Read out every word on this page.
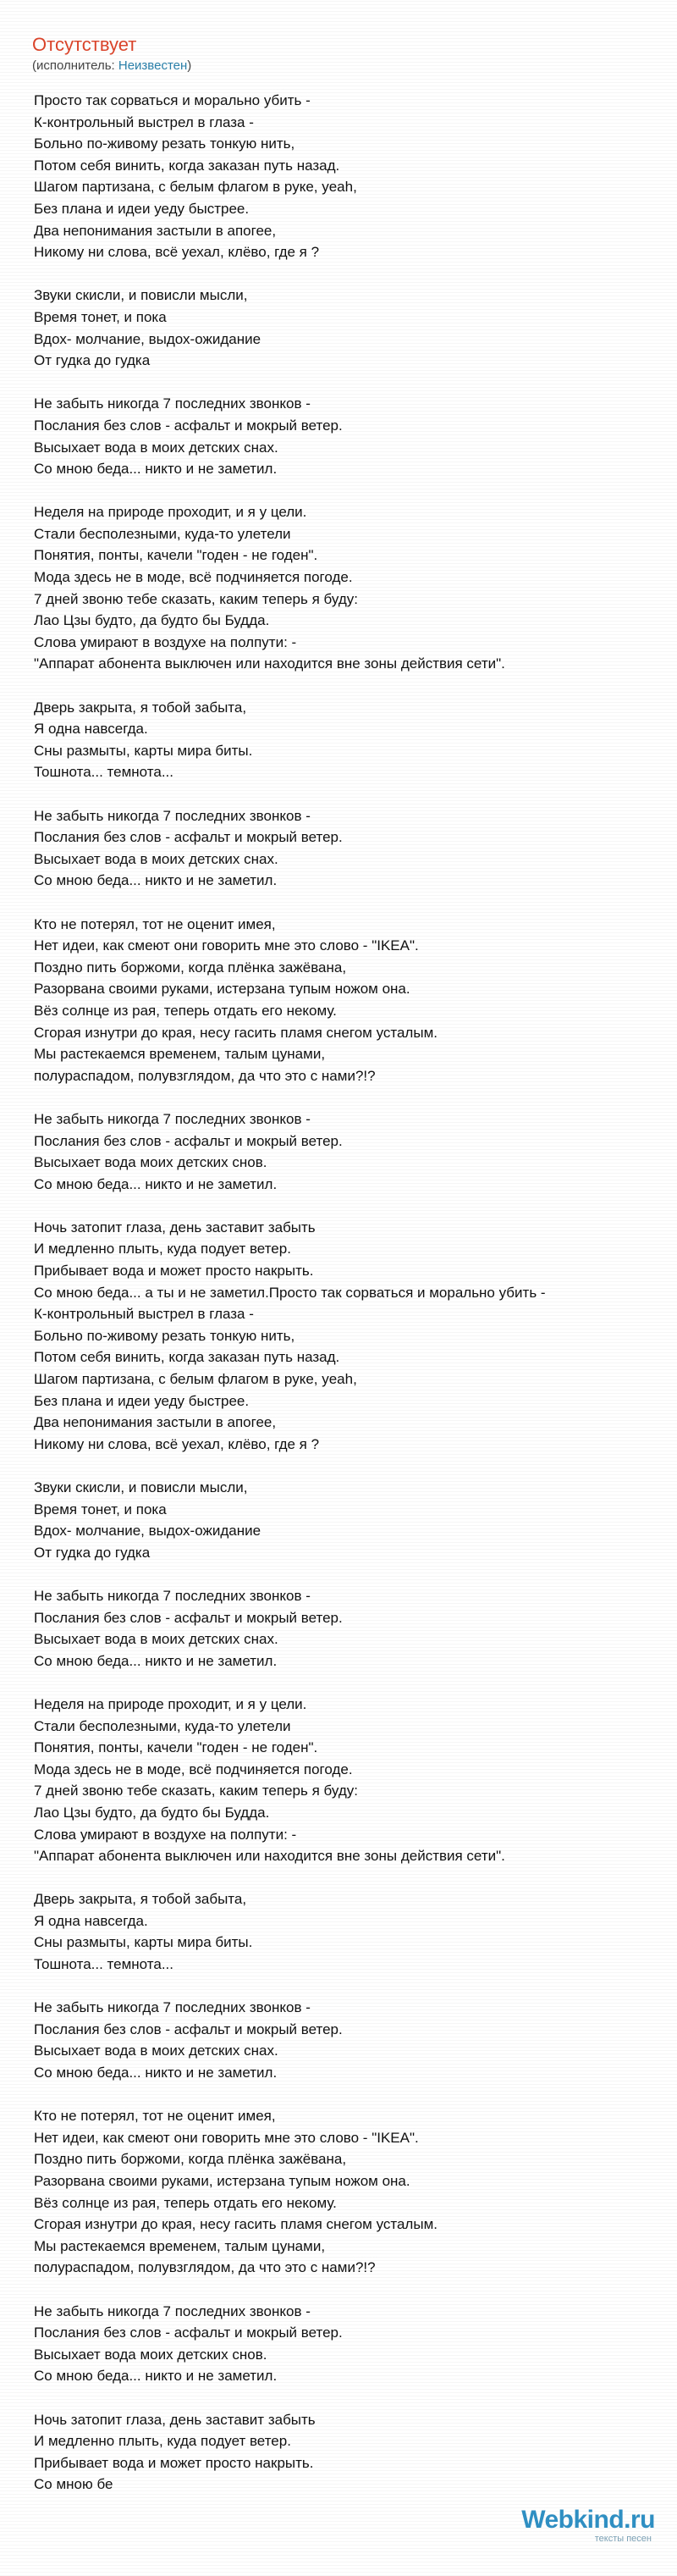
Отсутствует
(исполнитель: Неизвестен)
Просто так сорваться и морально убить -
К-контрольный выстрел в глаза -
Больно по-живому резать тонкую нить,
Потом себя винить, когда заказан путь назад.
Шагом партизана, с белым флагом в руке, yeah,
Без плана и идеи уеду быстрее.
Два непонимания застыли в апогее,
Никому ни слова, всё уехал, клёво, где я ?
Звуки скисли, и повисли мысли,
Время тонет, и пока
Вдох- молчание, выдох-ожидание
От гудка до гудка
Не забыть никогда 7 последних звонков -
Послания без слов - асфальт и мокрый ветер.
Высыхает вода в моих детских снах.
Со мною беда... никто и не заметил.
Неделя на природе проходит, и я у цели.
Стали бесполезными, куда-то улетели
Понятия, понты, качели "годен - не годен".
Мода здесь не в моде, всё подчиняется погоде.
7 дней звоню тебе сказать, каким теперь я буду:
Лао Цзы будто, да будто бы Будда.
Слова умирают в воздухе на полпути: -
"Аппарат абонента выключен или находится вне зоны действия сети".
Дверь закрыта, я тобой забыта,
Я одна навсегда.
Сны размыты, карты мира биты.
Тошнота... темнота...
Не забыть никогда 7 последних звонков -
Послания без слов - асфальт и мокрый ветер.
Высыхает вода в моих детских снах.
Со мною беда... никто и не заметил.
Кто не потерял, тот не оценит имея,
Нет идеи, как смеют они говорить мне это слово - "IKEA".
Поздно пить боржоми, когда плёнка зажёвана,
Разорвана своими руками, истерзана тупым ножом она.
Вёз солнце из рая, теперь отдать его некому.
Сгорая изнутри до края, несу гасить пламя снегом усталым.
Мы растекаемся временем, талым цунами,
полураспадом, полувзглядом, да что это с нами?!?
Не забыть никогда 7 последних звонков -
Послания без слов - асфальт и мокрый ветер.
Высыхает вода моих детских снов.
Со мною беда... никто и не заметил.
Ночь затопит глаза, день заставит забыть
И медленно плыть, куда подует ветер.
Прибывает вода и может просто накрыть.
Со мною беда... а ты и не заметил.Просто так сорваться и морально убить -
К-контрольный выстрел в глаза -
Больно по-живому резать тонкую нить,
Потом себя винить, когда заказан путь назад.
Шагом партизана, с белым флагом в руке, yeah,
Без плана и идеи уеду быстрее.
Два непонимания застыли в апогее,
Никому ни слова, всё уехал, клёво, где я ?
Звуки скисли, и повисли мысли,
Время тонет, и пока
Вдох- молчание, выдох-ожидание
От гудка до гудка
Не забыть никогда 7 последних звонков -
Послания без слов - асфальт и мокрый ветер.
Высыхает вода в моих детских снах.
Со мною беда... никто и не заметил.
Неделя на природе проходит, и я у цели.
Стали бесполезными, куда-то улетели
Понятия, понты, качели "годен - не годен".
Мода здесь не в моде, всё подчиняется погоде.
7 дней звоню тебе сказать, каким теперь я буду:
Лао Цзы будто, да будто бы Будда.
Слова умирают в воздухе на полпути: -
"Аппарат абонента выключен или находится вне зоны действия сети".
Дверь закрыта, я тобой забыта,
Я одна навсегда.
Сны размыты, карты мира биты.
Тошнота... темнота...
Не забыть никогда 7 последних звонков -
Послания без слов - асфальт и мокрый ветер.
Высыхает вода в моих детских снах.
Со мною беда... никто и не заметил.
Кто не потерял, тот не оценит имея,
Нет идеи, как смеют они говорить мне это слово - "IKEA".
Поздно пить боржоми, когда плёнка зажёвана,
Разорвана своими руками, истерзана тупым ножом она.
Вёз солнце из рая, теперь отдать его некому.
Сгорая изнутри до края, несу гасить пламя снегом усталым.
Мы растекаемся временем, талым цунами,
полураспадом, полувзглядом, да что это с нами?!?
Не забыть никогда 7 последних звонков -
Послания без слов - асфальт и мокрый ветер.
Высыхает вода моих детских снов.
Со мною беда... никто и не заметил.
Ночь затопит глаза, день заставит забыть
И медленно плыть, куда подует ветер.
Прибывает вода и может просто накрыть.
Со мною бе
Webkind.ru
тексты песен
